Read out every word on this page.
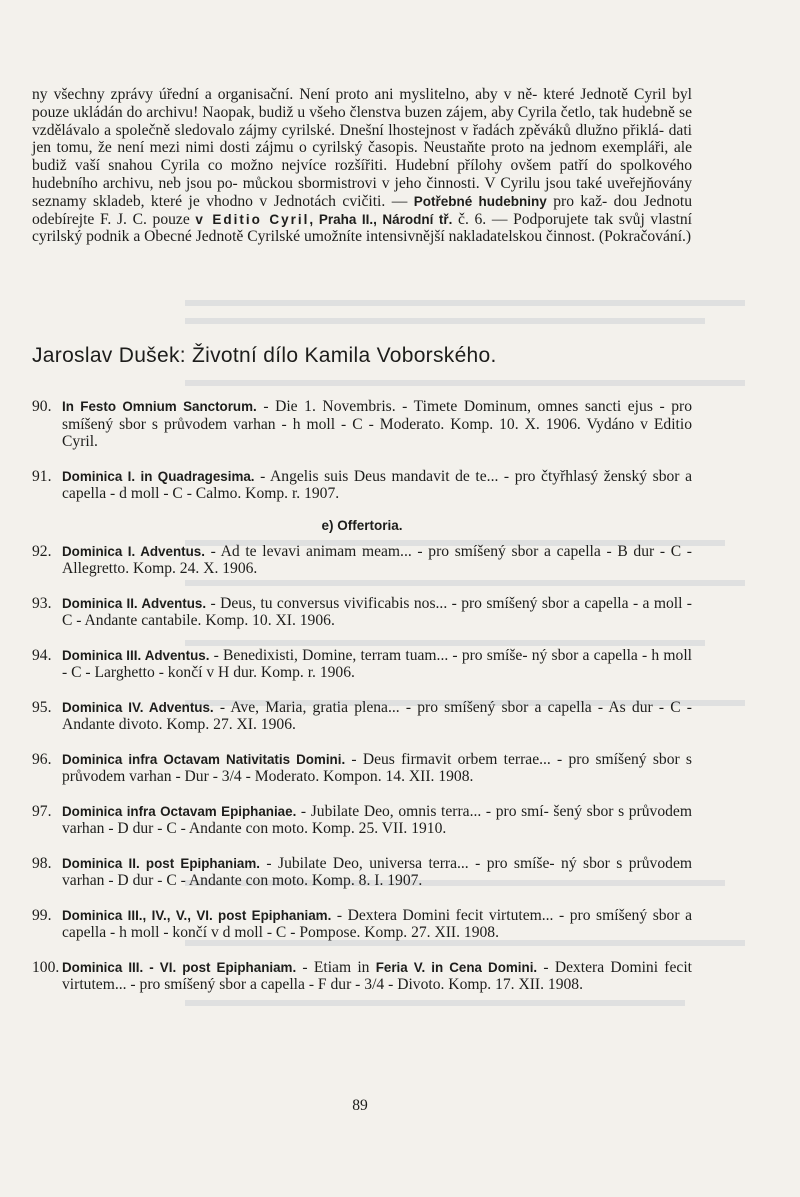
ny všechny zprávy úřední a organisační. Není proto ani myslitelno, aby v ně- které Jednotě Cyril byl pouze ukládán do archivu! Naopak, budiž u všeho členstva buzen zájem, aby Cyrila četlo, tak hudebně se vzdělávalo a společně sledovalo zájmy cyrilské. Dnešní lhostejnost v řadách zpěváků dlužno přiklá- dati jen tomu, že není mezi nimi dosti zájmu o cyrilský časopis. Neustaňte proto na jednom exempláři, ale budiž vaší snahou Cyrila co možno nejvíce rozšířiti. Hudební přílohy ovšem patří do spolkového hudebního archivu, neb jsou po- můckou sbormistrovi v jeho činnosti. V Cyrilu jsou také uveřejňovány seznamy skladeb, které je vhodno v Jednotách cvičiti. — Potřebné hudebniny pro kaž- dou Jednotu odebírejte F. J. C. pouze v Editio Cyril, Praha II., Národní tř. č. 6. — Podporujete tak svůj vlastní cyrilský podnik a Obecné Jednotě Cyrilské umožníte intensivnější nakladatelskou činnost. (Pokračování.)

Jaroslav Dušek: Životní dílo Kamila Voborského.
90. In Festo Omnium Sanctorum. - Die 1. Novembris. - Timete Dominum, omnes sancti ejus - pro smíšený sbor s průvodem varhan - h moll - C - Moderato. Komp. 10. X. 1906. Vydáno v Editio Cyril.
91. Dominica I. in Quadragesima. - Angelis suis Deus mandavit de te... - pro čtyřhlasý ženský sbor a capella - d moll - C - Calmo. Komp. r. 1907.
e) Offertoria.
92. Dominica I. Adventus. - Ad te levavi animam meam... - pro smíšený sbor a capella - B dur - C - Allegretto. Komp. 24. X. 1906.
93. Dominica II. Adventus. - Deus, tu conversus vivificabis nos... - pro smíšený sbor a capella - a moll - C - Andante cantabile. Komp. 10. XI. 1906.
94. Dominica III. Adventus. - Benedixisti, Domine, terram tuam... - pro smíše- ný sbor a capella - h moll - C - Larghetto - končí v H dur. Komp. r. 1906.
95. Dominica IV. Adventus. - Ave, Maria, gratia plena... - pro smíšený sbor a capella - As dur - C - Andante divoto. Komp. 27. XI. 1906.
96. Dominica infra Octavam Nativitatis Domini. - Deus firmavit orbem terrae... - pro smíšený sbor s průvodem varhan - Dur - 3/4 - Moderato. Kompon. 14. XII. 1908.
97. Dominica infra Octavam Epiphaniae. - Jubilate Deo, omnis terra... - pro smí- šený sbor s průvodem varhan - D dur - C - Andante con moto. Komp. 25. VII. 1910.
98. Dominica II. post Epiphaniam. - Jubilate Deo, universa terra... - pro smíše- ný sbor s průvodem varhan - D dur - C - Andante con moto. Komp. 8. I. 1907.
99. Dominica III., IV., V., VI. post Epiphaniam. - Dextera Domini fecit virtutem... - pro smíšený sbor a capella - h moll - končí v d moll - C - Pompose. Komp. 27. XII. 1908.
100. Dominica III. - VI. post Epiphaniam. - Etiam in Feria V. in Cena Domini. - Dextera Domini fecit virtutem... - pro smíšený sbor a capella - F dur - 3/4 - Divoto. Komp. 17. XII. 1908.
89
